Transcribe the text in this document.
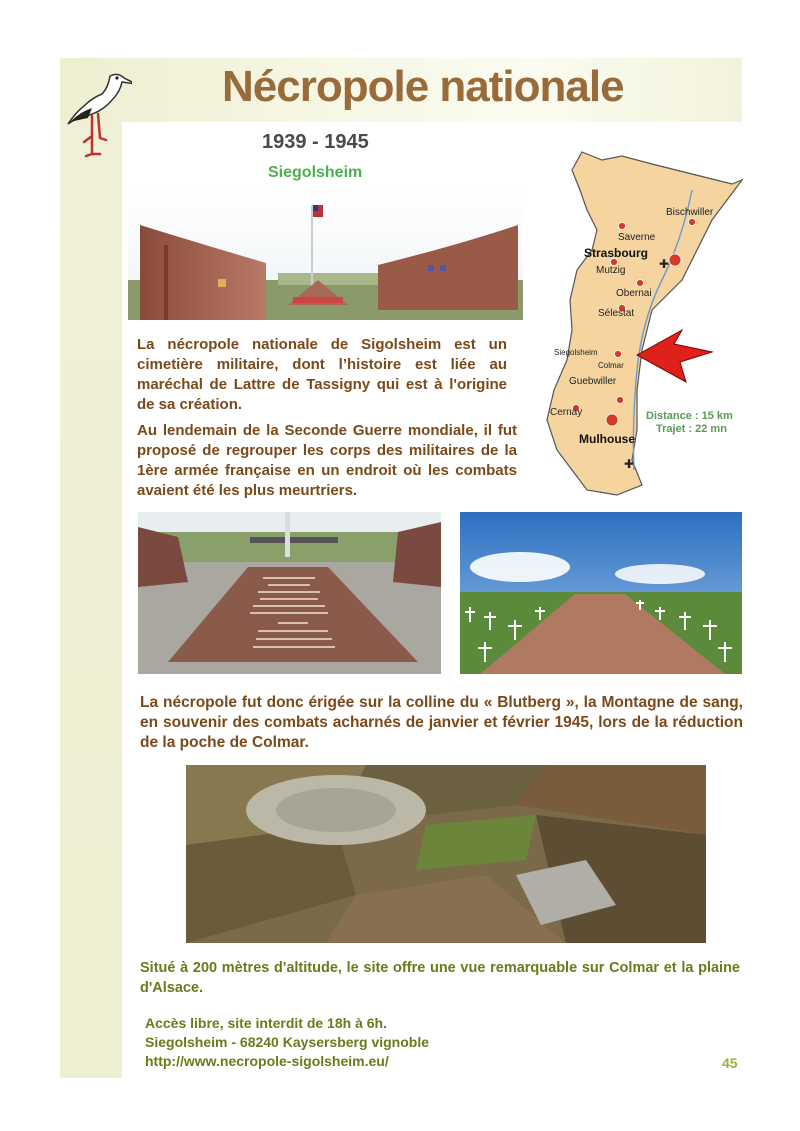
Nécropole nationale
1939 - 1945
Siegolsheim
✚
✚
Bischwiller
Saverne
Strasbourg
Mutzig
Obernai
Sélestat
Siegolsheim
Colmar
Guebwiller
Cernay
Mulhouse
Distance : 15 km
Trajet : 22 mn
La nécropole nationale de Sigolsheim est un cimetière militaire, dont l’histoire est liée au maréchal de Lattre de Tassigny qui est à l'origine de sa création.
Au lendemain de la Seconde Guerre mondiale, il fut proposé de regrouper les corps des militaires de la 1ère armée française en un endroit où les combats avaient été les plus meurtriers.
La nécropole fut donc érigée sur la colline du « Blutberg », la Montagne de sang, en souvenir des combats acharnés de janvier et février 1945, lors de la réduction de la poche de Colmar.
Situé à 200 mètres d'altitude, le site offre une vue remarquable sur Colmar et la plaine d'Alsace.
Accès libre, site interdit de 18h à 6h.
Siegolsheim - 68240 Kaysersberg vignoble
http://www.necropole-sigolsheim.eu/	45
